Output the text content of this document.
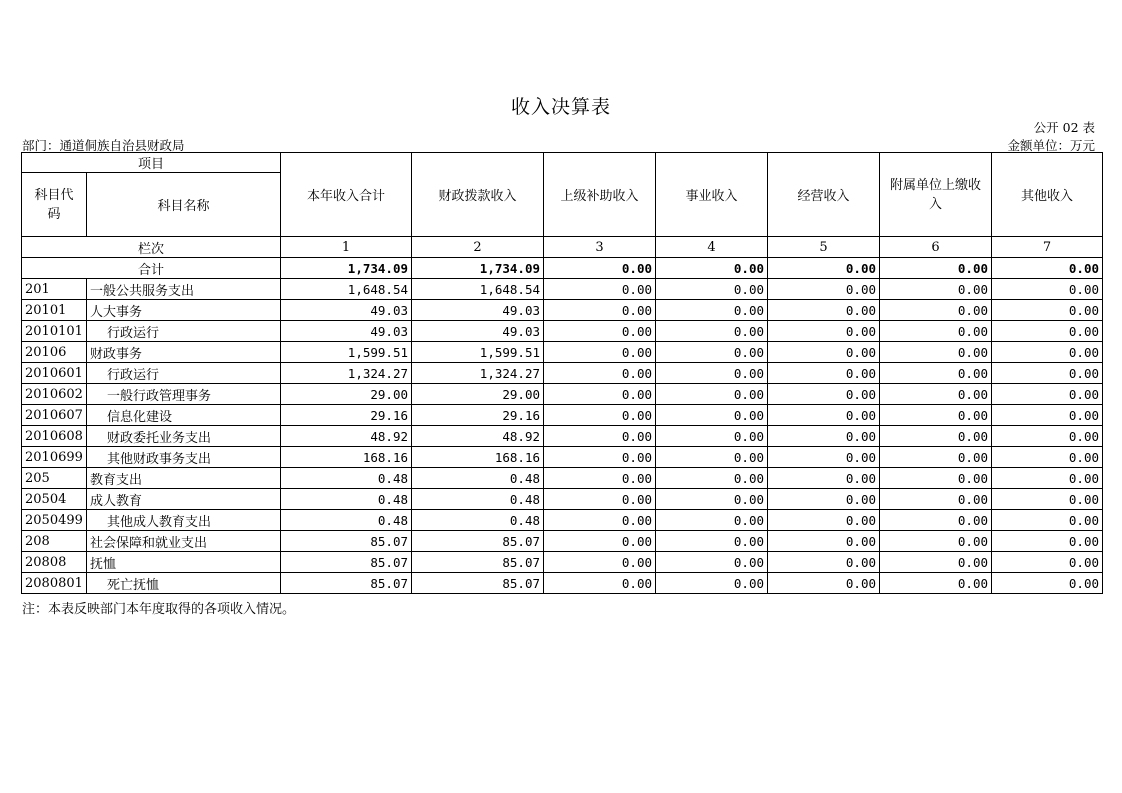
收入决算表
公开 02 表
部门：通道侗族自治县财政局	金额单位：万元
项目		本年收入合计	财政拨款收入	上级补助收入	事业收入	经营收入	附属单位上缴收入	其他收入
科目代码	科目名称							
栏次		1	2	3	4	5	6	7
合计		1,734.09	1,734.09	0.00	0.00	0.00	0.00	0.00
201	一般公共服务支出	1,648.54	1,648.54	0.00	0.00	0.00	0.00	0.00
20101	人大事务	49.03	49.03	0.00	0.00	0.00	0.00	0.00
2010101	行政运行	49.03	49.03	0.00	0.00	0.00	0.00	0.00
20106	财政事务	1,599.51	1,599.51	0.00	0.00	0.00	0.00	0.00
2010601	行政运行	1,324.27	1,324.27	0.00	0.00	0.00	0.00	0.00
2010602	一般行政管理事务	29.00	29.00	0.00	0.00	0.00	0.00	0.00
2010607	信息化建设	29.16	29.16	0.00	0.00	0.00	0.00	0.00
2010608	财政委托业务支出	48.92	48.92	0.00	0.00	0.00	0.00	0.00
2010699	其他财政事务支出	168.16	168.16	0.00	0.00	0.00	0.00	0.00
205	教育支出	0.48	0.48	0.00	0.00	0.00	0.00	0.00
20504	成人教育	0.48	0.48	0.00	0.00	0.00	0.00	0.00
2050499	其他成人教育支出	0.48	0.48	0.00	0.00	0.00	0.00	0.00
208	社会保障和就业支出	85.07	85.07	0.00	0.00	0.00	0.00	0.00
20808	抚恤	85.07	85.07	0.00	0.00	0.00	0.00	0.00
2080801	死亡抚恤	85.07	85.07	0.00	0.00	0.00	0.00	0.00
注：本表反映部门本年度取得的各项收入情况。
